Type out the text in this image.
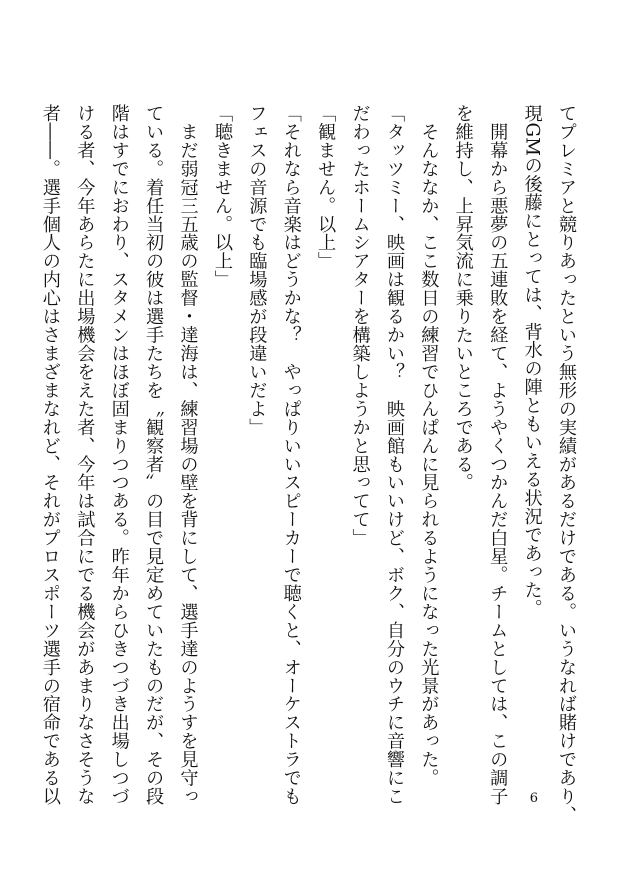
てプレミアと競りあったという無形の実績があるだけである。いうなれば賭けであり、
現GMの後藤にとっては、背水の陣ともいえる状況であった。
　開幕から悪夢の五連敗を経て、ようやくつかんだ白星。チームとしては、この調子
を維持し、上昇気流に乗りたいところである。
　そんななか、ここ数日の練習でひんぱんに見られるようになった光景があった。
「タッツミー、映画は観るかい？　映画館もいいけど、ボク、自分のウチに音響にこ
だわったホームシアターを構築しようかと思ってて」
「観ません。以上」
「それなら音楽はどうかな？　やっぱりいいスピーカーで聴くと、オーケストラでも
フェスの音源でも臨場感が段違いだよ」
「聴きません。以上」
　まだ弱冠三五歳の監督・達海は、練習場の壁を背にして、選手達のようすを見守っ
ている。着任当初の彼は選手たちを〝観察者〟の目で見定めていたものだが、その段
階はすでにおわり、スタメンはほぼ固まりつつある。昨年からひきつづき出場しつづ
ける者、今年あらたに出場機会をえた者、今年は試合にでる機会があまりなさそうな
者――。選手個人の内心はさまざまなれど、それがプロスポーツ選手の宿命である以	6
